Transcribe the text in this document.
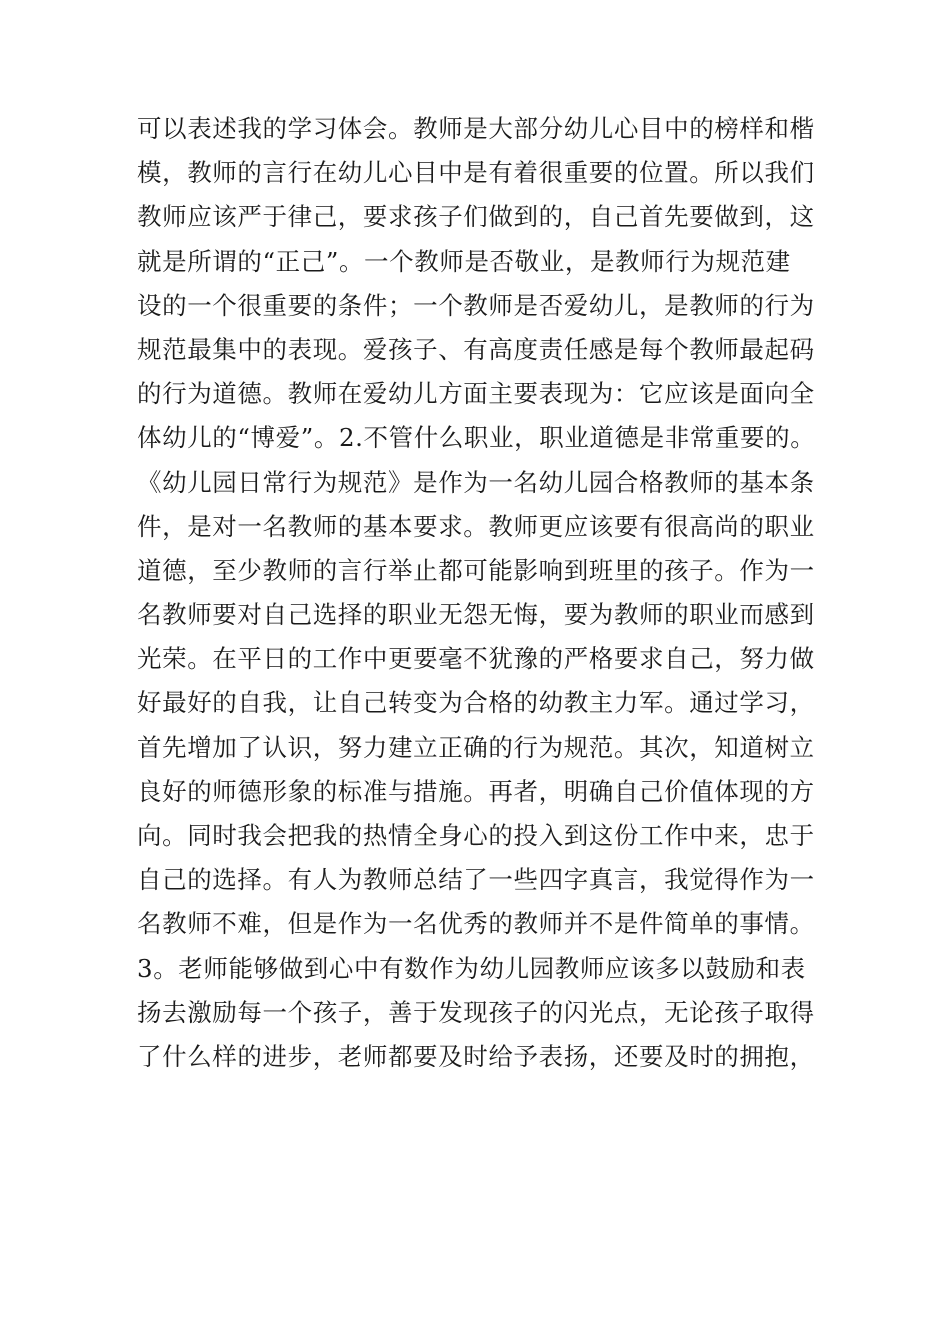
可以表述我的学习体会。教师是大部分幼儿心目中的榜样和楷
模，教师的言行在幼儿心目中是有着很重要的位置。所以我们
教师应该严于律己，要求孩子们做到的，自己首先要做到，这
就是所谓的“正己”。一个教师是否敬业，是教师行为规范建
设的一个很重要的条件；一个教师是否爱幼儿，是教师的行为
规范最集中的表现。爱孩子、有高度责任感是每个教师最起码
的行为道德。教师在爱幼儿方面主要表现为：它应该是面向全
体幼儿的“博爱”。2.不管什么职业，职业道德是非常重要的。
《幼儿园日常行为规范》是作为一名幼儿园合格教师的基本条
件，是对一名教师的基本要求。教师更应该要有很高尚的职业
道德，至少教师的言行举止都可能影响到班里的孩子。作为一
名教师要对自己选择的职业无怨无悔，要为教师的职业而感到
光荣。在平日的工作中更要毫不犹豫的严格要求自己，努力做
好最好的自我，让自己转变为合格的幼教主力军。通过学习，
首先增加了认识，努力建立正确的行为规范。其次，知道树立
良好的师德形象的标准与措施。再者，明确自己价值体现的方
向。同时我会把我的热情全身心的投入到这份工作中来，忠于
自己的选择。有人为教师总结了一些四字真言，我觉得作为一
名教师不难，但是作为一名优秀的教师并不是件简单的事情。
3。老师能够做到心中有数作为幼儿园教师应该多以鼓励和表
扬去激励每一个孩子，善于发现孩子的闪光点，无论孩子取得
了什么样的进步，老师都要及时给予表扬，还要及时的拥抱，
